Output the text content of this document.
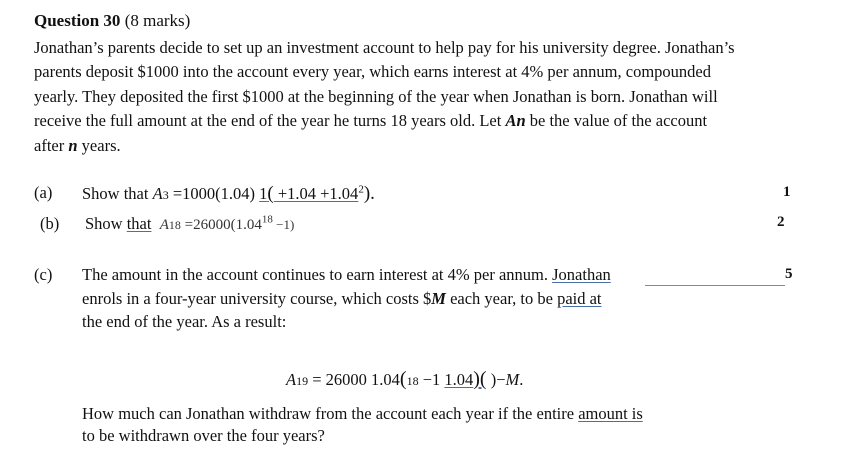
Question 30 (8 marks)
Jonathan’s parents decide to set up an investment account to help pay for his university degree. Jonathan’s
parents deposit $1000 into the account every year, which earns interest at 4% per annum, compounded
yearly. They deposited the first $1000 at the beginning of the year when Jonathan is born. Jonathan will
receive the full amount at the end of the year he turns 18 years old. Let An be the value of the account
after n years.
(a) Show that A3 =1000(1.04) $1( +1.04 +1.04^2)$.	1
(b) Show that $A18 =26000(1.04^{18} -1)$	2
(c) The amount in the account continues to earn interest at 4% per annum. Jonathan	5
enrols in a four-year university course, which costs $M each year, to be paid at
the end of the year. As a result:
A19 = 26000 1.04(18 −1 1.04)( )−M.
How much can Jonathan withdraw from the account each year if the entire amount is
to be withdrawn over the four years?
